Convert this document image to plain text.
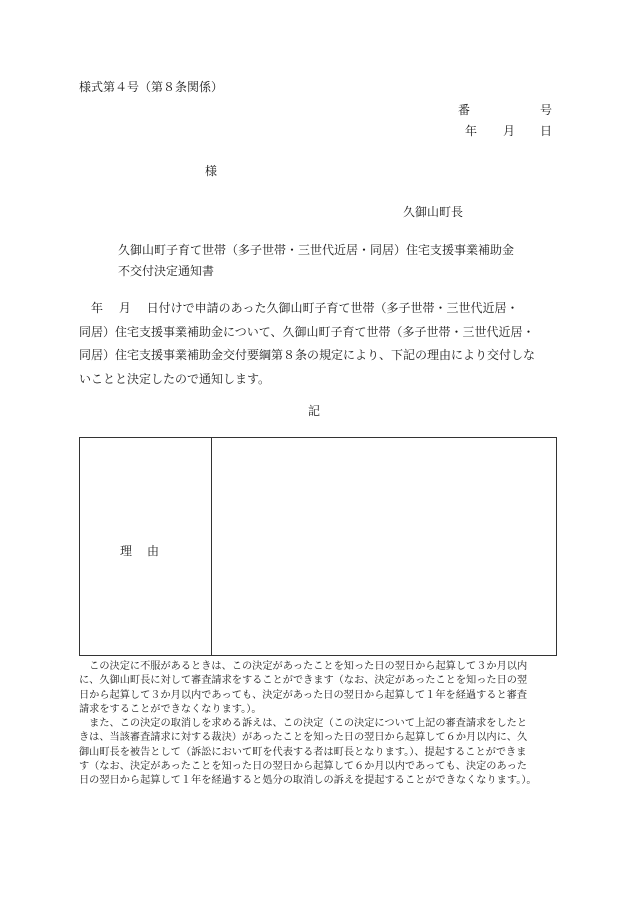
様式第４号（第８条関係）
番	号
年 月 日
様
久御山町長
久御山町子育て世帯（多子世帯・三世代近居・同居）住宅支援事業補助金
不交付決定通知書
　年　 月　 日付けで申請のあった久御山町子育て世帯（多子世帯・三世代近居・
同居）住宅支援事業補助金について、久御山町子育て世帯（多子世帯・三世代近居・
同居）住宅支援事業補助金交付要綱第８条の規定により、下記の理由により交付しな
いことと決定したので通知します。
記
理由
　この決定に不服があるときは、この決定があったことを知った日の翌日から起算して３か月以内
に、久御山町長に対して審査請求をすることができます（なお、決定があったことを知った日の翌
日から起算して３か月以内であっても、決定があった日の翌日から起算して１年を経過すると審査
請求をすることができなくなります。）。
　また、この決定の取消しを求める訴えは、この決定（この決定について上記の審査請求をしたと
きは、当該審査請求に対する裁決）があったことを知った日の翌日から起算して６か月以内に、久
御山町長を被告として（訴訟において町を代表する者は町長となります。）、提起することができま
す（なお、決定があったことを知った日の翌日から起算して６か月以内であっても、決定のあった
日の翌日から起算して１年を経過すると処分の取消しの訴えを提起することができなくなります。）。
